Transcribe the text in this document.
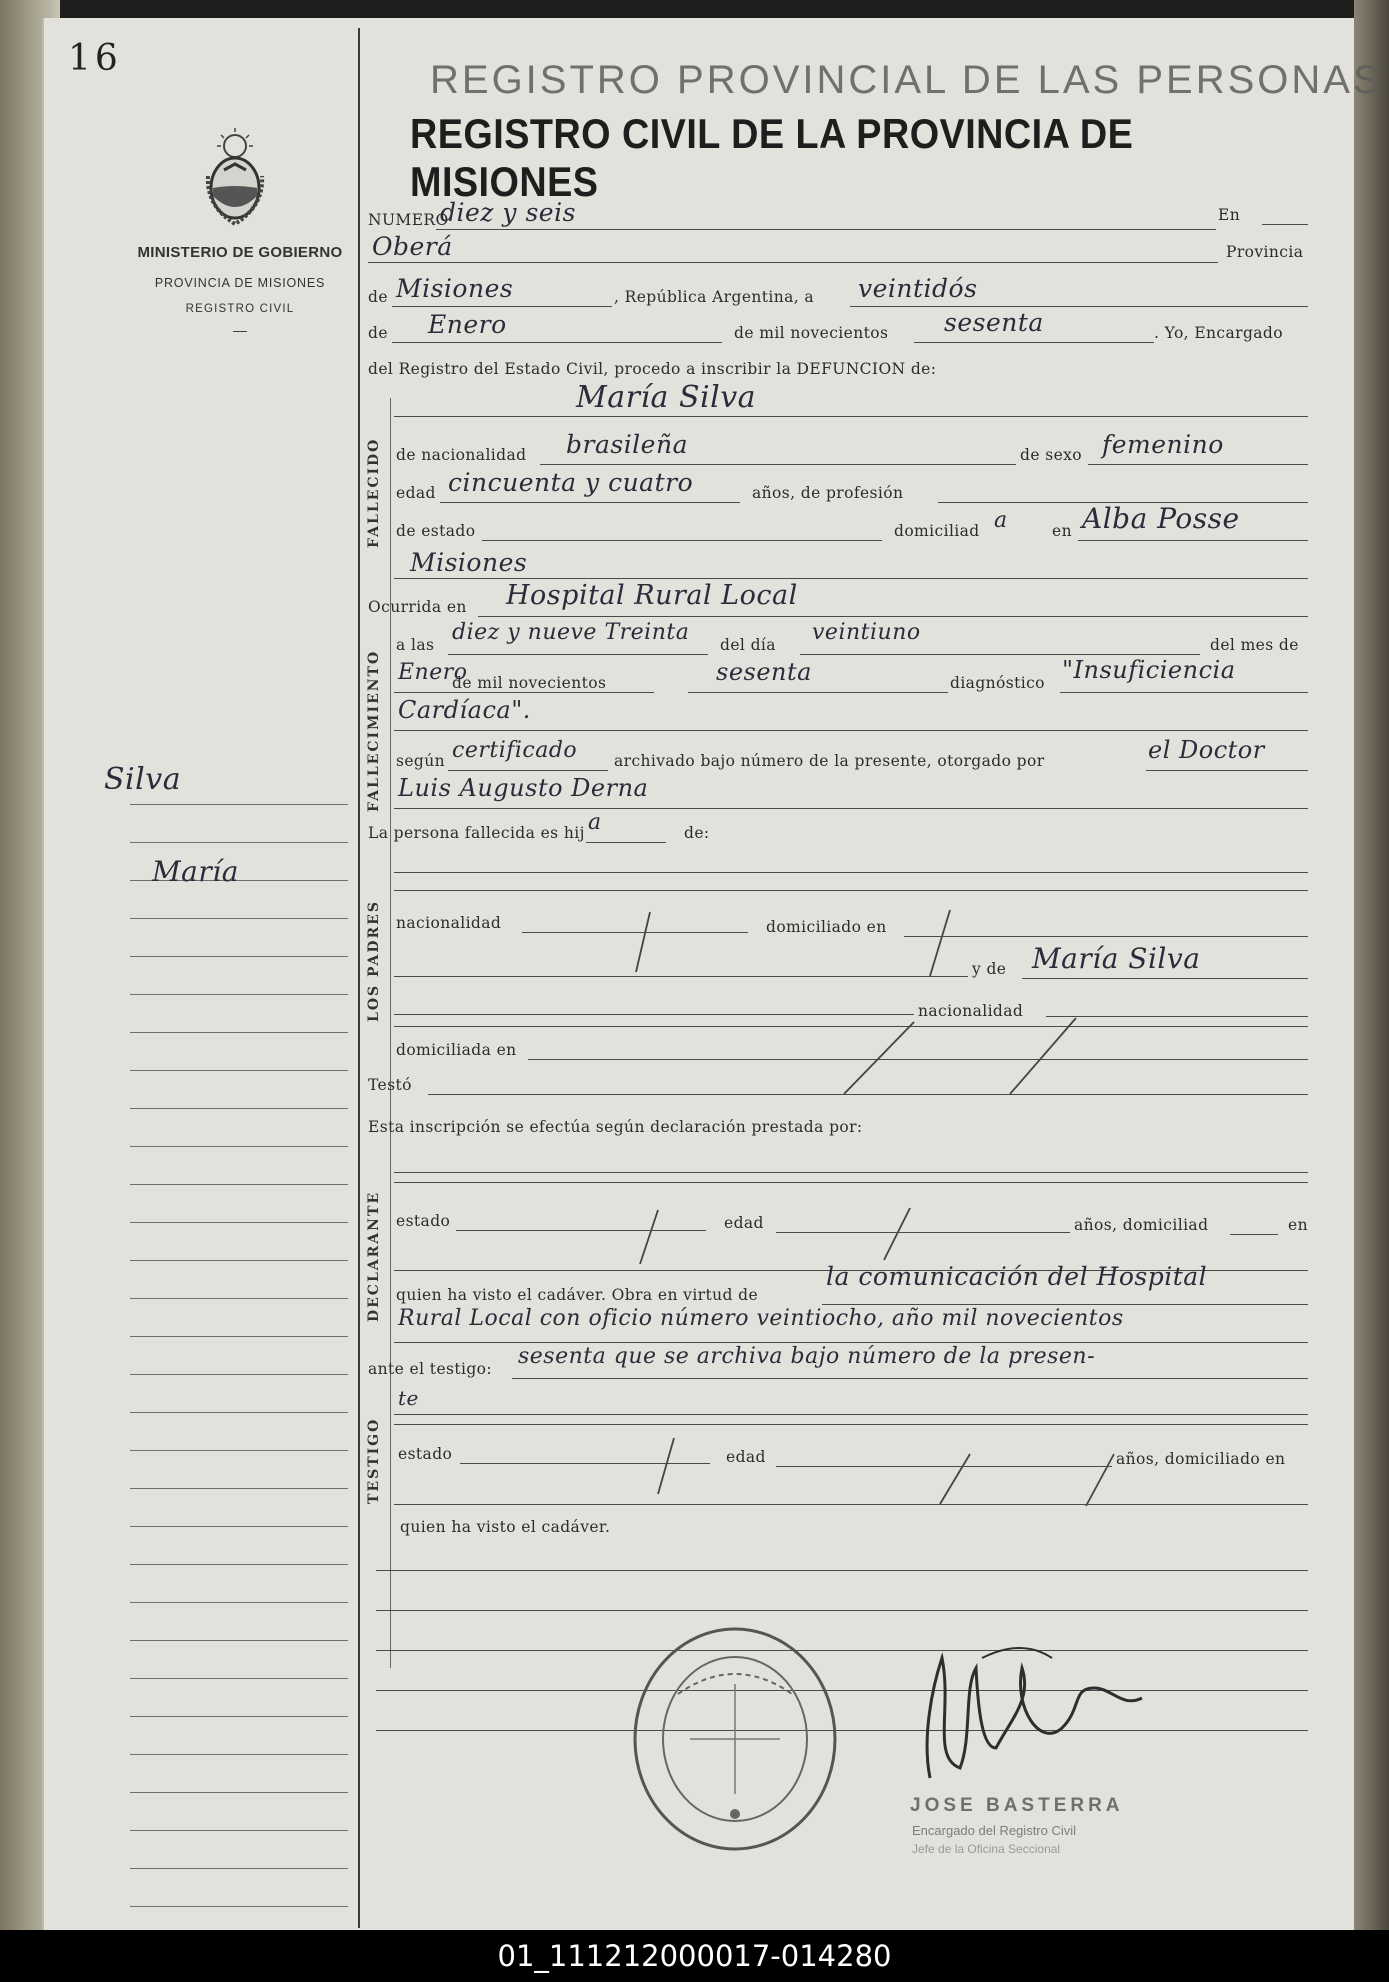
16	REGISTRO PROVINCIAL DE LAS PERSONAS
REGISTRO CIVIL DE LA PROVINCIA DE MISIONES
MINISTERIO DE GOBIERNO
PROVINCIA DE MISIONES
REGISTRO CIVIL
—
Silva
María
FALLECIDO
FALLECIMIENTO
LOS PADRES
DECLARANTE
TESTIGO
NUMERO
diez y seis	En
Oberá	Provincia
de Misiones	, República Argentina, a veintidós
de Enero	de mil novecientos sesenta	. Yo, Encargado
del Registro del Estado Civil, procedo a inscribir la DEFUNCION de:
María Silva
de nacionalidad brasileña	de sexo femenino
edad cincuenta y cuatro	años, de profesión
de estado	domiciliad a	en Alba Posse
Misiones
Ocurrida en Hospital Rural Local
a las diez y nueve Treinta del día veintiuno	del mes de
Enero
de mil novecientos	sesenta	diagnóstico "Insuficiencia
Cardíaca".
según certificado archivado bajo número de la presente, otorgado por	el Doctor
Luis Augusto Derna
La persona fallecida es hij a	de:
nacionalidad	domiciliado en
y de María Silva
nacionalidad
domiciliada en
Testó
Esta inscripción se efectúa según declaración prestada por:
estado	edad	años, domiciliad	en
quien ha visto el cadáver. Obra en virtud de
la comunicación del Hospital
Rural Local con oficio número veintiocho, año mil novecientos
ante el testigo: sesenta que se archiva bajo número de la presen-
te
estado	edad	años, domiciliado en
quien ha visto el cadáver.
JOSE BASTERRA
Encargado del Registro Civil
Jefe de la Oficina Seccional
01_111212000017-014280
